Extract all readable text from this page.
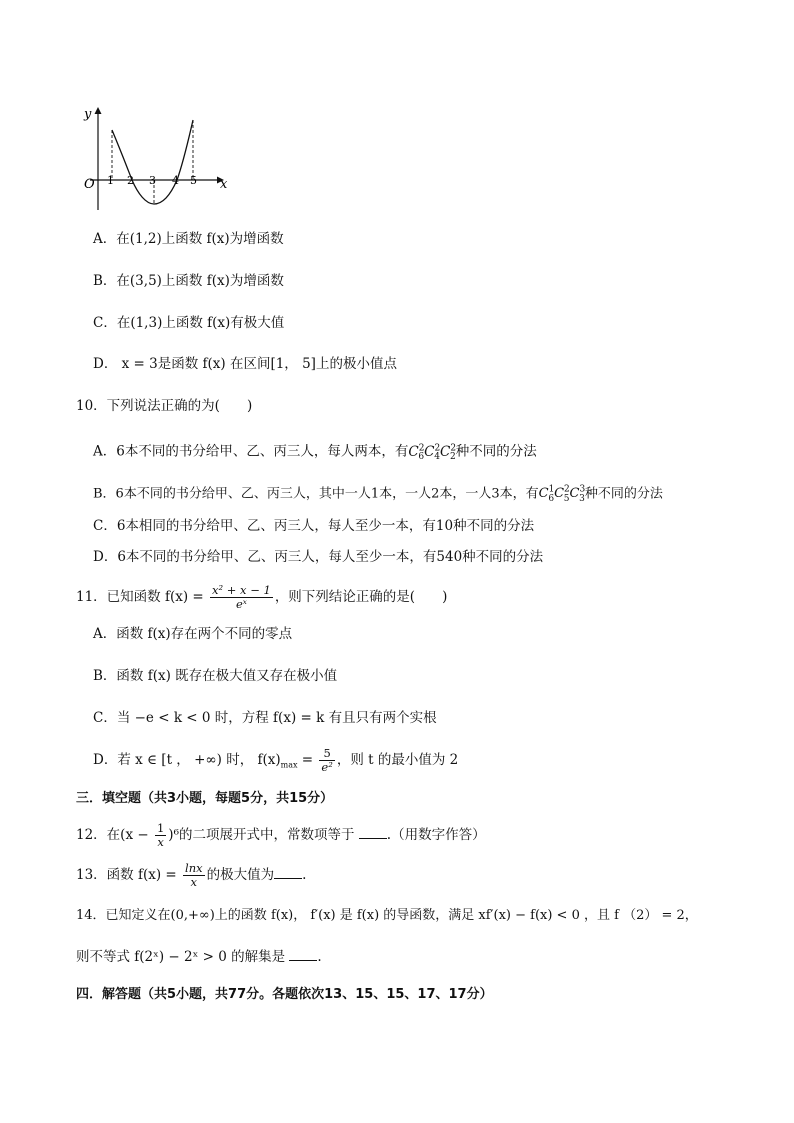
y
x
O 1 2 3 4 5
A．在(1,2)上函数 f(x)为增函数
B．在(3,5)上函数 f(x)为增函数
C．在(1,3)上函数 f(x)有极大值
D． x = 3是函数 f(x) 在区间[1， 5]上的极小值点
10．下列说法正确的为(　　)
A．6本不同的书分给甲、乙、丙三人，每人两本，有$C^2_6C^2_4C^2_2$种不同的分法
B．6本不同的书分给甲、乙、丙三人，其中一人1本，一人2本，一人3本，有$C^1_6C^2_5C^3_3$种不同的分法
C．6本相同的书分给甲、乙、丙三人，每人至少一本，有10种不同的分法
D．6本不同的书分给甲、乙、丙三人，每人至少一本，有540种不同的分法
11．已知函数 $f(x) = \frac{\text{x² + x − 1}}{\text{eˣ}}$ ，则下列结论正确的是(　　)
A．函数 f(x)存在两个不同的零点
B．函数 f(x) 既存在极大值又存在极小值
C．当 −e < k < 0 时，方程 f(x) = k 有且只有两个实根
D．若 x ∈ [t ， +∞) 时， $f(x)_{max} = \frac{5}{\text{e²}}$ ，则 t 的最小值为 2
三．填空题（共3小题，每题5分，共15分）
12．在$(x - \frac{1}{x} )^6$的二项展开式中，常数项等于 .（用数字作答）
13．函数 $f(x) = \frac{\ln x}{x}$ 的极大值为 .
14．已知定义在(0,+∞)上的函数 f(x)， f′(x) 是 f(x) 的导函数，满足 xf′(x) − f(x) < 0 ，且 f （2） = 2，
则不等式 f(2ˣ) − 2ˣ > 0 的解集是 .
四．解答题（共5小题，共77分。各题依次13、15、15、17、17分）
